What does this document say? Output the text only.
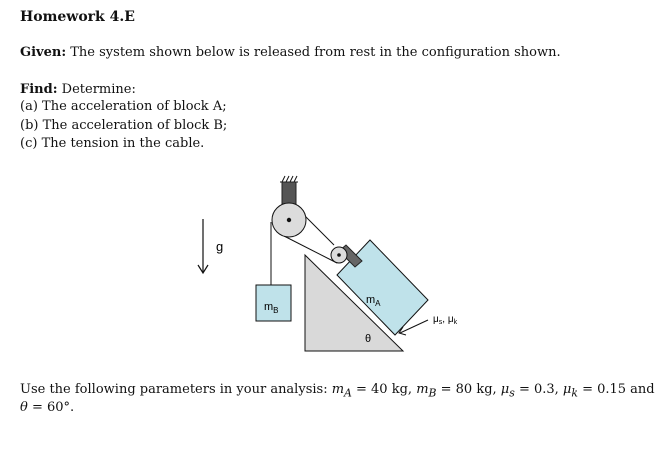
Homework 4.E
Given: The system shown below is released from rest in the configuration shown.
Find: Determine:
(a) The acceleration of block A;
(b) The acceleration of block B;
(c) The tension in the cable.
g
$m_A$
$m_B$
θ
$\mu_s$, $\mu_k$
Use the following parameters in your analysis: $m_A = 40$ kg, $m_B = 80$ kg, $\mu_s = 0.3$, $\mu_k = 0.15$ and
θ = 60°.
